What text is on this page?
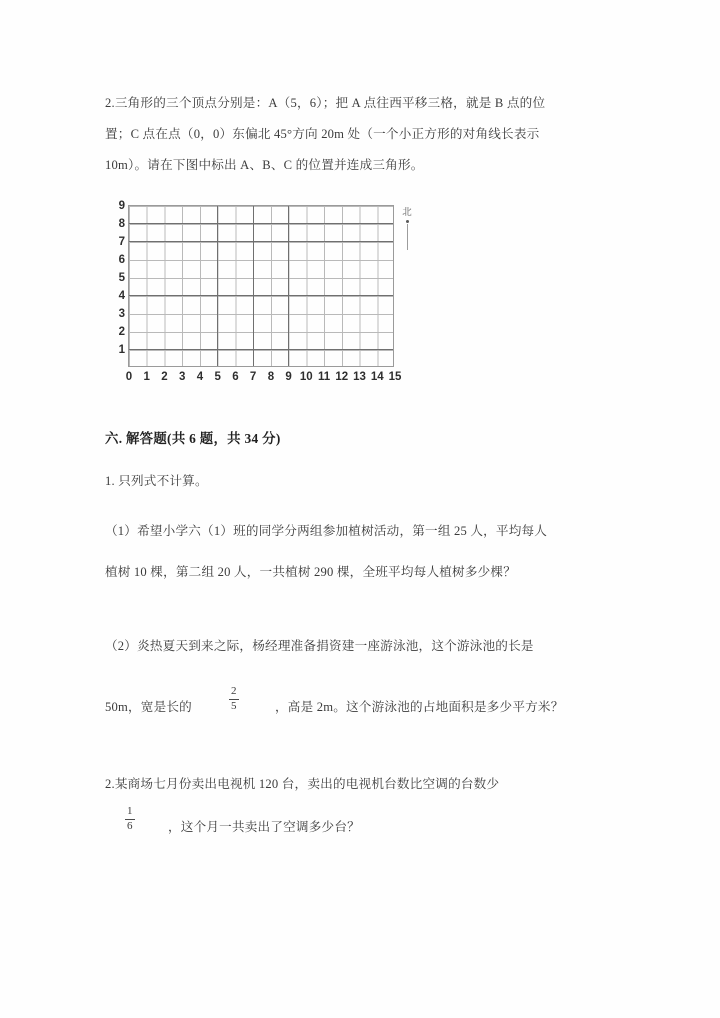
2.三角形的三个顶点分别是：A（5，6）；把 A 点往西平移三格，就是 B 点的位
置；C 点在点（0，0）东偏北 45°方向 20m 处（一个小正方形的对角线长表示
10m）。请在下图中标出 A、B、C 的位置并连成三角形。
9
8
7
6
5
4
3
2
1
0 1 2 3 4 5 6 7 8 9 10 11 12 13 14 15
北
六. 解答题(共 6 题，共 34 分)
1. 只列式不计算。
（1）希望小学六（1）班的同学分两组参加植树活动，第一组 25 人，平均每人
植树 10 棵，第二组 20 人，一共植树 290 棵，全班平均每人植树多少棵？
（2）炎热夏天到来之际，杨经理准备捐资建一座游泳池，这个游泳池的长是
50m，宽是长的
2
5	，高是 2m。这个游泳池的占地面积是多少平方米？
2.某商场七月份卖出电视机 120 台，卖出的电视机台数比空调的台数少
1
6	，这个月一共卖出了空调多少台？
